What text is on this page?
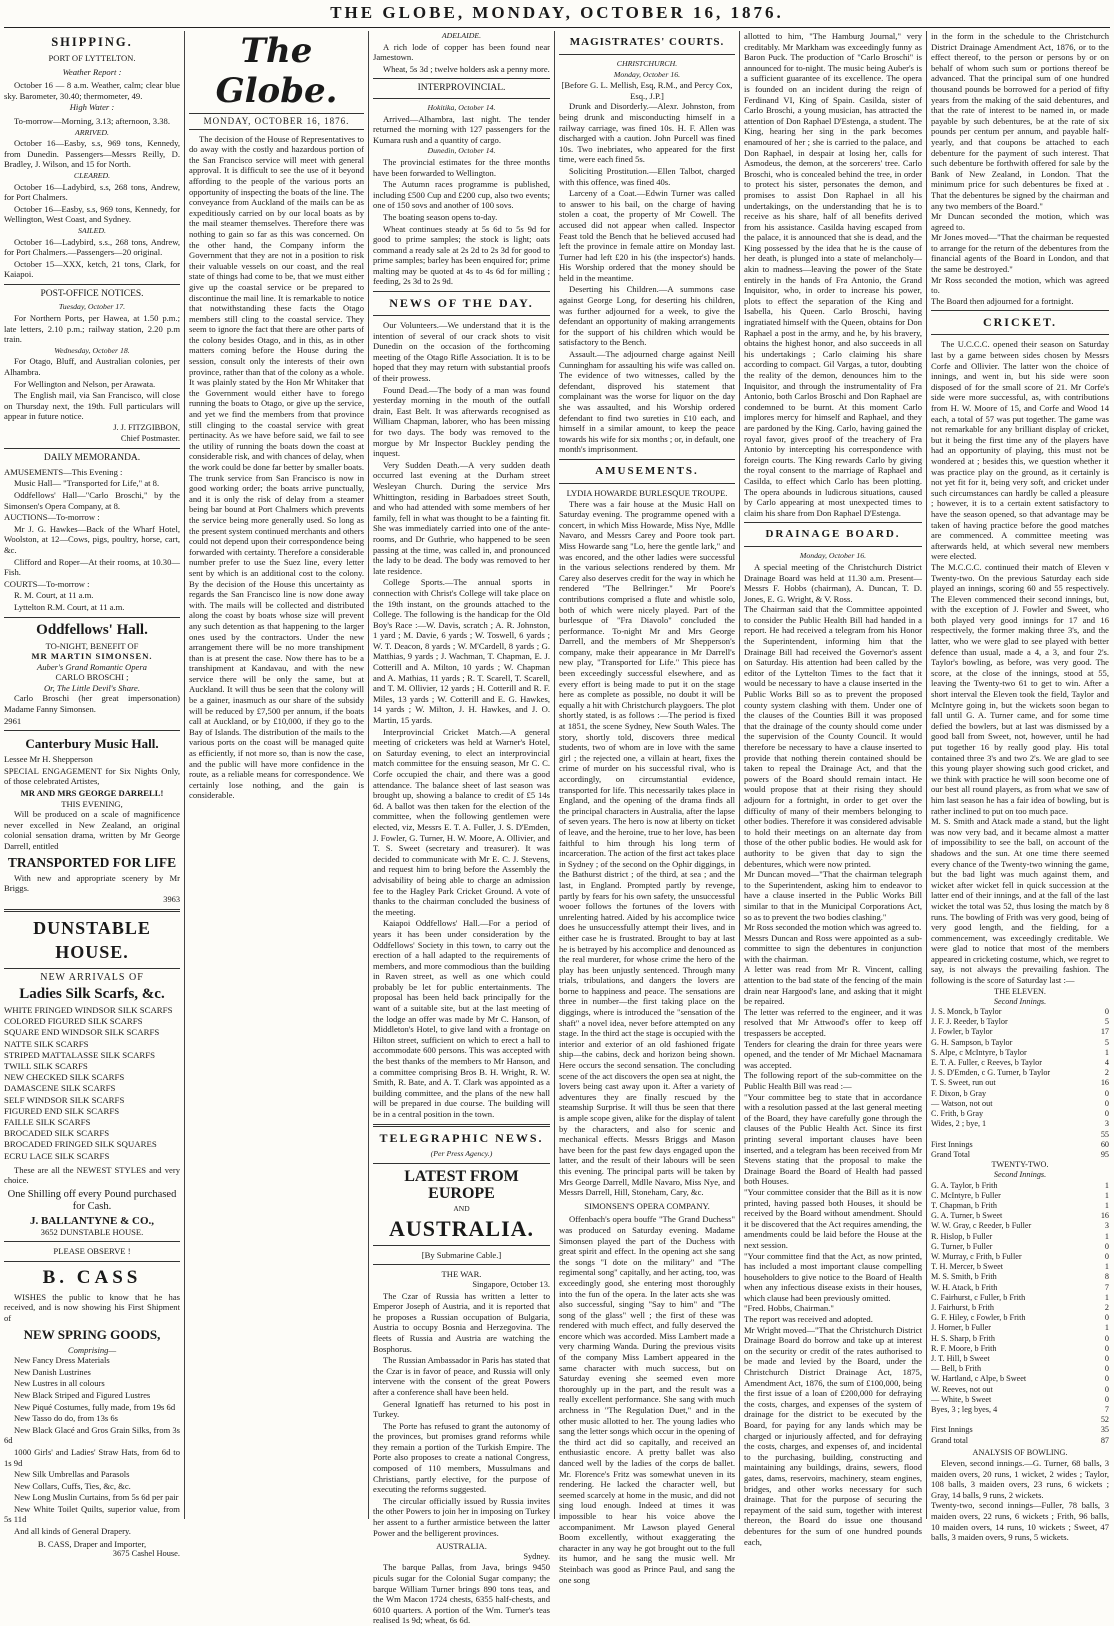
THE GLOBE, MONDAY, OCTOBER 16, 1876.
SHIPPING.
PORT OF LYTTELTON.
Weather Report :
October 16 — 8 a.m. Weather, calm; clear blue sky. Barometer, 30.40; thermometer, 49.
High Water :
To-morrow—Morning, 3.13; afternoon, 3.38.
ARRIVED.
October 16—Easby, s.s, 969 tons, Kennedy, from Dunedin. Passengers—Messrs Reilly, D. Bradley, J. Wilson, and 15 for North.
CLEARED.
October 16—Ladybird, s.s, 268 tons, Andrew, for Port Chalmers.
October 16—Easby, s.s, 969 tons, Kennedy, for Wellington, West Coast, and Sydney.
SAILED.
October 16—Ladybird, s.s., 268 tons, Andrew, for Port Chalmers.—Passengers—20 original.
October 15—XXX, ketch, 21 tons, Clark, for Kaiapoi.
POST-OFFICE NOTICES.
Tuesday, October 17.
For Northern Ports, per Hawea, at 1.50 p.m.; late letters, 2.10 p.m.; railway station, 2.20 p.m train.
Wednesday, October 18.
For Otago, Bluff, and Australian colonies, per Alhambra.
For Wellington and Nelson, per Arawata.
The English mail, via San Francisco, will close on Thursday next, the 19th. Full particulars will appear in future notice.
J. J. FITZGIBBON,
Chief Postmaster.
DAILY MEMORANDA.
AMUSEMENTS—This Evening :
Music Hall— "Transported for Life," at 8.
Oddfellows' Hall—"Carlo Broschi," by the Simonsen's Opera Company, at 8.
AUCTIONS—To-morrow :
Mr J. G. Hawkes—Back of the Wharf Hotel, Woolston, at 12—Cows, pigs, poultry, horse, cart, &c.
Clifford and Roper—At their rooms, at 10.30—Fish.
COURTS—To-morrow :
R. M. Court, at 11 a.m.
Lyttelton R.M. Court, at 11 a.m.
Oddfellows' Hall.
TO-NIGHT, BENEFIT OF
MR MARTIN SIMONSEN.
Auber's Grand Romantic Opera
CARLO BROSCHI ;
Or, The Little Devil's Share.
Carlo Broschi (her great impersonation) Madame Fanny Simonsen.
2961
Canterbury Music Hall.
Lessee Mr H. Shepperson
SPECIAL ENGAGEMENT for Six Nights Only, of those celebrated Artistes,
MR AND MRS GEORGE DARRELL!
THIS EVENING,
Will be produced on a scale of magnificence never excelled in New Zealand, an original colonial sensation drama, written by Mr George Darrell, entitled
TRANSPORTED FOR LIFE
With new and appropriate scenery by Mr Briggs.
3963
DUNSTABLE HOUSE.
NEW ARRIVALS OF
Ladies Silk Scarfs, &c.
WHITE FRINGED WINDSOR SILK SCARFS
COLORED FIGURED SILK SCARFS
SQUARE END WINDSOR SILK SCARFS
NATTE SILK SCARFS
STRIPED MATTALASSE SILK SCARFS
TWILL SILK SCARFS
NEW CHECKED SILK SCARFS
DAMASCENE SILK SCARFS
SELF WINDSOR SILK SCARFS
FIGURED END SILK SCARFS
FAILLE SILK SCARFS
BROCADED SILK SCARFS
BROCADED FRINGED SILK SQUARES
ECRU LACE SILK SCARFS
These are all the NEWEST STYLES and very choice.
One Shilling off every Pound purchased for Cash.
J. BALLANTYNE & CO.,
3652 DUNSTABLE HOUSE.
PLEASE OBSERVE !
B. CASS
WISHES the public to know that he has received, and is now showing his First Shipment of
NEW SPRING GOODS,
Comprising—
New Fancy Dress Materials
New Danish Lustrines
New Lustres in all colours
New Black Striped and Figured Lustres
New Piqué Costumes, fully made, from 19s 6d
New Tasso do do, from 13s 6s
New Black Glacé and Gros Grain Silks, from 3s 6d
1000 Girls' and Ladies' Straw Hats, from 6d to 1s 9d
New Silk Umbrellas and Parasols
New Collars, Cuffs, Ties, &c, &c.
New Long Muslin Curtains, from 5s 6d per pair
New White Toilet Quilts, superior value, from 5s 11d
And all kinds of General Drapery.
B. CASS, Draper and Importer,
3675 Cashel House.
The Globe.
MONDAY, OCTOBER 16, 1876.
The decision of the House of Representatives to do away with the costly and hazardous portion of the San Francisco service will meet with general approval. It is difficult to see the use of it beyond affording to the people of the various ports an opportunity of inspecting the boats of the line. The conveyance from Auckland of the mails can be as expeditiously carried on by our local boats as by the mail steamer themselves. Therefore there was nothing to gain so far as this was concerned. On the other hand, the Company inform the Government that they are not in a position to risk their valuable vessels on our coast, and the real state of things had come to be, that we must either give up the coastal service or be prepared to discontinue the mail line. It is remarkable to notice that notwithstanding these facts the Otago members still cling to the coastal service. They seem to ignore the fact that there are other parts of the colony besides Otago, and in this, as in other matters coming before the House during the session, consult only the interests of their own province, rather than that of the colony as a whole. It was plainly stated by the Hon Mr Whitaker that the Government would either have to forego running the boats to Otago, or give up the service, and yet we find the members from that province still clinging to the coastal service with great pertinacity. As we have before said, we fail to see the utility of running the boats down the coast at considerable risk, and with chances of delay, when the work could be done far better by smaller boats. The trunk service from San Francisco is now in good working order; the boats arrive punctually, and it is only the risk of delay from a steamer being bar bound at Port Chalmers which prevents the service being more generally used. So long as the present system continued merchants and others could not depend upon their correspondence being forwarded with certainty. Therefore a considerable number prefer to use the Suez line, every letter sent by which is an additional cost to the colony. By the decision of the House this uncertainty as regards the San Francisco line is now done away with. The mails will be collected and distributed along the coast by boats whose size will prevent any such detention as that happening to the larger ones used by the contractors. Under the new arrangement there will be no more transhipment than is at present the case. Now there has to be a transhipment at Kandavau, and with the new service there will be only the same, but at Auckland. It will thus be seen that the colony will be a gainer, inasmuch as our share of the subsidy will be reduced by £7,500 per annum, if the boats call at Auckland, or by £10,000, if they go to the Bay of Islands. The distribution of the mails to the various ports on the coast will be managed quite as efficiently, if not more so, than is now the case, and the public will have more confidence in the route, as a reliable means for correspondence. We certainly lose nothing, and the gain is considerable.
ADELAIDE.
A rich lode of copper has been found near Jamestown.
Wheat, 5s 3d ; twelve holders ask a penny more.
INTERPROVINCIAL.
Hokitika, October 14.
Arrived—Alhambra, last night. The tender returned the morning with 127 passengers for the Kumara rush and a quantity of cargo.
Dunedin, October 14.
The provincial estimates for the three months have been forwarded to Wellington.
The Autumn races programme is published, including £500 Cup and £200 cup, also two events; one of 150 sovs and another of 100 sovs.
The boating season opens to-day.
Wheat continues steady at 5s 6d to 5s 9d for good to prime samples; the stock is light; oats command a ready sale at 2s 2d to 2s 3d for good to prime samples; barley has been enquired for; prime malting may be quoted at 4s to 4s 6d for milling ; feeding, 2s 3d to 2s 9d.
NEWS OF THE DAY.
Our Volunteers.—We understand that it is the intention of several of our crack shots to visit Dunedin on the occasion of the forthcoming meeting of the Otago Rifle Association. It is to be hoped that they may return with substantial proofs of their prowess.
Found Dead.—The body of a man was found yesterday morning in the mouth of the outfall drain, East Belt. It was afterwards recognised as William Chapman, laborer, who has been missing for two days. The body was removed to the morgue by Mr Inspector Buckley pending the inquest.
Very Sudden Death.—A very sudden death occurred last evening at the Durham street Wesleyan Church. During the service Mrs Whittington, residing in Barbadoes street South, and who had attended with some members of her family, fell in what was thought to be a fainting fit. She was immediately carried into one of the ante-rooms, and Dr Guthrie, who happened to be seen passing at the time, was called in, and pronounced the lady to be dead. The body was removed to her late residence.
College Sports.—The annual sports in connection with Christ's College will take place on the 19th instant, on the grounds attached to the College. The following is the handicap for the Old Boy's Race :—W. Davis, scratch ; A. R. Johnston, 1 yard ; M. Davie, 6 yards ; W. Toswell, 6 yards ; W. T. Deacon, 8 yards ; W. M'Cardell, 8 yards ; G. Matthias, 9 yards ; J. Wachman, T. Chapman, E. J. Cotterill and A. Milton, 10 yards ; W. Chapman and A. Mathias, 11 yards ; R. T. Scarell, T. Scarell, and T. M. Ollivier, 12 yards ; H. Cotterill and R. F. Miles, 13 yards ; W. Cotterill and E. G. Hawkes, 14 yards ; W. Milton, J. H. Hawkes, and J. O. Martin, 15 yards.
Interprovincial Cricket Match.—A general meeting of cricketers was held at Warner's Hotel, on Saturday evening, to elect an interprovincial match committee for the ensuing season, Mr C. C. Corfe occupied the chair, and there was a good attendance. The balance sheet of last season was brought up, showing a balance to credit of £5 14s 6d. A ballot was then taken for the election of the committee, when the following gentlemen were elected, viz, Messrs E. T. A. Fuller, J. S. D'Emden, J. Fowler, G. Turner, H. W. Moore, A. Ollivier, and T. S. Sweet (secretary and treasurer). It was decided to communicate with Mr E. C. J. Stevens, and request him to bring before the Assembly the advisability of being able to charge an admission fee to the Hagley Park Cricket Ground. A vote of thanks to the chairman concluded the business of the meeting.
Kaiapoi Oddfellows' Hall.—For a period of years it has been under consideration by the Oddfellows' Society in this town, to carry out the erection of a hall adapted to the requirements of members, and more commodious than the building in Raven street, as well as one which could probably be let for public entertainments. The proposal has been held back principally for the want of a suitable site, but at the last meeting of the lodge an offer was made by Mr C. Hanson, of Middleton's Hotel, to give land with a frontage on Hilton street, sufficient on which to erect a hall to accommodate 600 persons. This was accepted with the best thanks of the members to Mr Hanson, and a committee comprising Bros B. H. Wright, R. W. Smith, R. Bate, and A. T. Clark was appointed as a building committee, and the plans of the new hall will be prepared in due course. The building will be in a central position in the town.
TELEGRAPHIC NEWS.
(Per Press Agency.)
LATEST FROM EUROPE
AND
AUSTRALIA.
[By Submarine Cable.]
THE WAR.
Singapore, October 13.
The Czar of Russia has written a letter to Emperor Joseph of Austria, and it is reported that he proposes a Russian occupation of Bulgaria, Austria to occupy Bosnia and Herzegovina. The fleets of Russia and Austria are watching the Bosphorus.
The Russian Ambassador in Paris has stated that the Czar is in favor of peace, and Russia will only intervene with the consent of the great Powers after a conference shall have been held.
General Ignatieff has returned to his post in Turkey.
The Porte has refused to grant the autonomy of the provinces, but promises grand reforms while they remain a portion of the Turkish Empire. The Porte also proposes to create a national Congress, composed of 110 members, Mussulmans and Christians, partly elective, for the purpose of executing the reforms suggested.
The circular officially issued by Russia invites the other Powers to join her in imposing on Turkey her assent to a further armistice between the latter Power and the belligerent provinces.
AUSTRALIA.
Sydney.
The barque Pallas, from Java, brings 9450 piculs sugar for the Colonial Sugar company; the barque William Turner brings 890 tons teas, and the Wm Macon 1724 chests, 6355 half-chests, and 6010 quarters. A portion of the Wm. Turner's teas realised 1s 9d; wheat, 6s 6d.
MAGISTRATES' COURTS.
CHRISTCHURCH.
Monday, October 16.
[Before G. L. Mellish, Esq, R.M., and Percy Cox, Esq., J.P.]
Drunk and Disorderly.—Alexr. Johnston, from being drunk and misconducting himself in a railway carriage, was fined 10s. H. F. Allen was discharged with a caution. John Purcell was fined 10s. Two inebriates, who appeared for the first time, were each fined 5s.
Soliciting Prostitution.—Ellen Talbot, charged with this offence, was fined 40s.
Larceny of a Coat.—Edwin Turner was called to answer to his bail, on the charge of having stolen a coat, the property of Mr Cowell. The accused did not appear when called. Inspector Feast told the Bench that he believed accused had left the province in female attire on Monday last. Turner had left £20 in his (the inspector's) hands. His Worship ordered that the money should be held in the meantime.
Deserting his Children.—A summons case against George Long, for deserting his children, was further adjourned for a week, to give the defendant an opportunity of making arrangements for the support of his children which would be satisfactory to the Bench.
Assault.—The adjourned charge against Neill Cunningham for assaulting his wife was called on. The evidence of two witnesses, called by the defendant, disproved his statement that complainant was the worse for liquor on the day she was assaulted, and his Worship ordered defendant to find two sureties in £10 each, and himself in a similar amount, to keep the peace towards his wife for six months ; or, in default, one month's imprisonment.
AMUSEMENTS.
LYDIA HOWARDE BURLESQUE TROUPE.
There was a fair house at the Music Hall on Saturday evening. The programme opened with a concert, in which Miss Howarde, Miss Nye, Mdlle Navaro, and Messrs Carey and Poore took part. Miss Howarde sang "Lo, here the gentle lark," and was encored, and the other ladies were successful in the various selections rendered by them. Mr Carey also deserves credit for the way in which he rendered "The Bellringer." Mr Poore's contributions comprised a flute and whistle solo, both of which were nicely played. Part of the burlesque of "Fra Diavolo" concluded the performance. To-night Mr and Mrs George Darrell, and the members of Mr Shepperson's company, make their appearance in Mr Darrell's new play, "Transported for Life." This piece has been exceedingly successful elsewhere, and as every effort is being made to put it on the stage here as complete as possible, no doubt it will be equally a hit with Christchurch playgoers. The plot shortly stated, is as follows :—The period is fixed at 1851, the scene Sydney, New South Wales. The story, shortly told, discovers three medical students, two of whom are in love with the same girl ; the rejected one, a villain at heart, fixes the crime of murder on his successful rival, who is accordingly, on circumstantial evidence, transported for life. This necessarily takes place in England, and the opening of the drama finds all the principal characters in Australia, after the lapse of seven years. The hero is now at liberty on ticket of leave, and the heroine, true to her love, has been faithful to him through his long term of incarceration. The action of the first act takes place in Sydney ; of the second on the Ophir diggings, in the Bathurst district ; of the third, at sea ; and the last, in England. Prompted partly by revenge, partly by fears for his own safety, the unsuccessful wooer follows the fortunes of the lovers with unrelenting hatred. Aided by his accomplice twice does he unsuccessfully attempt their lives, and in either case he is frustrated. Brought to bay at last he is betrayed by his accomplice and denounced as the real murderer, for whose crime the hero of the play has been unjustly sentenced. Through many trials, tribulations, and dangers the lovers are borne to happiness and peace. The sensations are three in number—the first taking place on the diggings, where is introduced the "sensation of the shaft" a novel idea, never before attempted on any stage. In the third act the stage is occupied with the interior and exterior of an old fashioned frigate ship—the cabins, deck and horizon being shown. Here occurs the second sensation. The concluding scene of the act discovers the open sea at night, the lovers being cast away upon it. After a variety of adventures they are finally rescued by the steamship Surprise. It will thus be seen that there is ample scope given, alike for the display of talent by the characters, and also for scenic and mechanical effects. Messrs Briggs and Mason have been for the past few days engaged upon the latter, and the result of their labours will be seen this evening. The principal parts will be taken by Mrs George Darrell, Mdlle Navaro, Miss Nye, and Messrs Darrell, Hill, Stoneham, Cary, &c.
SIMONSEN'S OPERA COMPANY.
Offenbach's opera bouffe "The Grand Duchess" was produced on Saturday evening. Madame Simonsen played the part of the Duchess with great spirit and effect. In the opening act she sang the songs "I dote on the military" and "The regimental song" capitally, and her acting, too, was exceedingly good, she entering most thoroughly into the fun of the opera. In the later acts she was also successful, singing "Say to him" and "The song of the glass" well ; the first of these was rendered with much effect, and fully deserved the encore which was accorded. Miss Lambert made a very charming Wanda. During the previous visits of the company Miss Lambert appeared in the same character with much success, but on Saturday evening she seemed even more thoroughly up in the part, and the result was a really excellent performance. She sang with much archness in "The Regulation Duet," and in the other music allotted to her. The young ladies who sang the letter songs which occur in the opening of the third act did so capitally, and received an enthusiastic encore. A pretty ballet was also danced well by the ladies of the corps de ballet. Mr. Florence's Fritz was somewhat uneven in its rendering. He lacked the character well, but seemed scarcely at home in the music, and did not sing loud enough. Indeed at times it was impossible to hear his voice above the accompaniment. Mr Lawson played General Boom excellently, without exaggerating the character in any way he got brought out to the full its humor, and he sang the music well. Mr Steinbach was good as Prince Paul, and sang the one song
allotted to him, "The Hamburg Journal," very creditably. Mr Markham was exceedingly funny as Baron Puck. The production of "Carlo Broschi" is announced for to-night. The music being Auber's is a sufficient guarantee of its excellence. The opera is founded on an incident during the reign of Ferdinand VI, King of Spain. Casilda, sister of Carlo Broschi, a young musician, has attracted the attention of Don Raphael D'Estenga, a student. The King, hearing her sing in the park becomes enamoured of her ; she is carried to the palace, and Don Raphael, in despair at losing her, calls for Asmodeus, the demon, at the sorcerers' tree. Carlo Broschi, who is concealed behind the tree, in order to protect his sister, personates the demon, and promises to assist Don Raphael in all his undertakings, on the understanding that he is to receive as his share, half of all benefits derived from his assistance. Casilda having escaped from the palace, it is announced that she is dead, and the King possessed by the idea that he is the cause of her death, is plunged into a state of melancholy—akin to madness—leaving the power of the State entirely in the hands of Fra Antonio, the Grand Inquisitor, who, in order to increase his power, plots to effect the separation of the King and Isabella, his Queen. Carlo Broschi, having ingratiated himself with the Queen, obtains for Don Raphael a post in the army, and he, by his bravery, obtains the highest honor, and also succeeds in all his undertakings ; Carlo claiming his share according to compact. Gil Vargas, a tutor, doubting the reality of the demon, denounces him to the Inquisitor, and through the instrumentality of Fra Antonio, both Carlos Broschi and Don Raphael are condemned to be burnt. At this moment Carlo implores mercy for himself and Raphael, and they are pardoned by the King. Carlo, having gained the royal favor, gives proof of the treachery of Fra Antonio by intercepting his correspondence with foreign courts. The King rewards Carlo by giving the royal consent to the marriage of Raphael and Casilda, to effect which Carlo has been plotting. The opera abounds in ludicrous situations, caused by Carlo appearing at most unexpected times to claim his share from Don Raphael D'Estenga.
DRAINAGE BOARD.
Monday, October 16.
A special meeting of the Christchurch District Drainage Board was held at 11.30 a.m. Present—Messrs F. Hobbs (chairman), A. Duncan, T. D. Jones, E. G. Wright, & V. Ross.
The Chairman said that the Committee appointed to consider the Public Health Bill had handed in a report. He had received a telegram from his Honor the Superintendent, informing him that the Drainage Bill had received the Governor's assent on Saturday. His attention had been called by the editor of the Lyttelton Times to the fact that it would be necessary to have a clause inserted in the Public Works Bill so as to prevent the proposed county system clashing with them. Under one of the clauses of the Counties Bill it was proposed that the drainage of the county should come under the supervision of the County Council. It would therefore be necessary to have a clause inserted to provide that nothing therein contained should be taken to repeal the Drainage Act, and that the powers of the Board should remain intact. He would propose that at their rising they should adjourn for a fortnight, in order to get over the difficulty of many of their members belonging to other bodies. Therefore it was considered advisable to hold their meetings on an alternate day from those of the other public bodies. He would ask for authority to be given that day to sign the debentures, which were now printed.
Mr Duncan moved—"That the chairman telegraph to the Superintendent, asking him to endeavor to have a clause inserted in the Public Works Bill similar to that in the Municipal Corporations Act, so as to prevent the two bodies clashing."
Mr Ross seconded the motion which was agreed to.
Messrs Duncan and Ross were appointed as a sub-committee to sign the debentures in conjunction with the chairman.
A letter was read from Mr R. Vincent, calling attention to the bad state of the fencing of the main drain near Hargood's lane, and asking that it might be repaired.
The letter was referred to the engineer, and it was resolved that Mr Attwood's offer to keep off trespassers be accepted.
Tenders for clearing the drain for three years were opened, and the tender of Mr Michael Macnamara was accepted.
The following report of the sub-committee on the Public Health Bill was read :—
"Your committee beg to state that in accordance with a resolution passed at the last general meeting of the Board, they have carefully gone through the clauses of the Public Health Act. Since its first printing several important clauses have been inserted, and a telegram has been received from Mr Stevens stating that the proposal to make the Drainage Board the Board of Health had passed both Houses.
"Your committee consider that the Bill as it is now printed, having passed both Houses, it should be received by the Board without amendment. Should it be discovered that the Act requires amending, the amendments could be laid before the House at the next session.
"Your committee find that the Act, as now printed, has included a most important clause compelling householders to give notice to the Board of Health when any infectious disease exists in their houses, which clause had been previously omitted.
"Fred. Hobbs, Chairman."
The report was received and adopted.
Mr Wright moved—"That the Christchurch District Drainage Board do borrow and take up at interest on the security or credit of the rates authorised to be made and levied by the Board, under the Christchurch District Drainage Act, 1875, Amendment Act, 1876, the sum of £100,000, being the first issue of a loan of £200,000 for defraying the costs, charges, and expenses of the system of drainage for the district to be executed by the Board, for paying for any lands which may be charged or injuriously affected, and for defraying the costs, charges, and expenses of, and incidental to the purchasing, building, constructing and maintaining any buildings, drains, sewers, flood gates, dams, reservoirs, machinery, steam engines, bridges, and other works necessary for such drainage. That for the purpose of securing the repayment of the said sum, together with interest thereon, the Board do issue one thousand debentures for the sum of one hundred pounds each,
in the form in the schedule to the Christchurch District Drainage Amendment Act, 1876, or to the effect thereof, to the person or persons by or on behalf of whom such sum or portions thereof be advanced. That the principal sum of one hundred thousand pounds be borrowed for a period of fifty years from the making of the said debentures, and that the rate of interest to be named in, or made payable by such debentures, be at the rate of six pounds per centum per annum, and payable half-yearly, and that coupons be attached to each debenture for the payment of such interest. That such debenture be forthwith offered for sale by the Bank of New Zealand, in London. That the minimum price for such debentures be fixed at . That the debentures be signed by the chairman and any two members of the Board."
Mr Duncan seconded the motion, which was agreed to.
Mr Jones moved—"That the chairman be requested to arrange for the return of the debentures from the financial agents of the Board in London, and that the same be destroyed."
Mr Ross seconded the motion, which was agreed to.
The Board then adjourned for a fortnight.
CRICKET.
The U.C.C.C. opened their season on Saturday last by a game between sides chosen by Messrs Corfe and Ollivier. The latter won the choice of innings, and went in, but his side were soon disposed of for the small score of 21. Mr Corfe's side were more successful, as, with contributions from H. W. Moore of 15, and Corfe and Wood 14 each, a total of 57 was put together. The game was not remarkable for any brilliant display of cricket, but it being the first time any of the players have had an opportunity of playing, this must not be wondered at ; besides this, we question whether it was practice play on the ground, as it certainly is not yet fit for it, being very soft, and cricket under such circumstances can hardly be called a pleasure ; however, it is to a certain extent satisfactory to have the season opened, so that advantage may be taken of having practice before the good matches are commenced. A committee meeting was afterwards held, at which several new members were elected.
The M.C.C.C. continued their match of Eleven v Twenty-two. On the previous Saturday each side played an innings, scoring 60 and 55 respectively. The Eleven commenced their second innings, but, with the exception of J. Fowler and Sweet, who both played very good innings for 17 and 16 respectively, the former making three 3's, and the latter, who we were glad to see played with better defence than usual, made a 4, a 3, and four 2's. Taylor's bowling, as before, was very good. The score, at the close of the innings, stood at 55, leaving the Twenty-two 61 to get to win. After a short interval the Eleven took the field, Taylor and McIntyre going in, but the wickets soon began to fall until G. A. Turner came, and for some time defied the bowlers, but at last was dismissed by a good ball from Sweet, not, however, until he had put together 16 by really good play. His total contained three 3's and two 2's. We are glad to see this young player showing such good cricket, and we think with practice he will soon become one of our best all round players, as from what we saw of him last season he has a fair idea of bowling, but is rather inclined to put on too much pace.
M. S. Smith and Atack made a stand, but the light was now very bad, and it became almost a matter of impossibility to see the ball, on account of the shadows and the sun. At one time there seemed every chance of the Twenty-two winning the game, but the bad light was much against them, and wicket after wicket fell in quick succession at the latter end of their innings, and at the fall of the last wicket the total was 52, thus losing the match by 8 runs. The bowling of Frith was very good, being of very good length, and the fielding, for a commencement, was exceedingly creditable. We were glad to notice that most of the members appeared in cricketing costume, which, we regret to say, is not always the prevailing fashion. The following is the score of Saturday last :—
THE ELEVEN.
Second Innings.
J. S. Monck, b Taylor	0
J. F. J. Reeder, b Taylor	5
J. Fowler, b Taylor	17
G. H. Sampson, b Taylor	5
S. Alpe, c McIntyre, b Taylor	1
E. T. A. Fuller, c Reeves, b Taylor	4
J. S. D'Emden, c G. Turner, b Taylor	2
T. S. Sweet, run out	16
F. Dixon, b Gray	0
— Watson, not out	0
C. Frith, b Gray	0
Wides, 2 ; bye, 1	3
55
First Innings	60
Grand Total	95
TWENTY-TWO.
Second Innings.
G. A. Taylor, b Frith	1
C. McIntyre, b Fuller	1
T. Chapman, b Frith	1
G. A. Turner, b Sweet	16
W. W. Gray, c Reeder, b Fuller	3
R. Hislop, b Fuller	1
G. Turner, b Fuller	0
W. Murray, c Frith, b Fuller	0
T. H. Mercer, b Sweet	1
M. S. Smith, b Frith	8
W. H. Atack, b Frith	7
C. Fairhurst, c Fuller, b Frith	1
J. Fairhurst, b Frith	2
G. F. Hiley, c Fowler, b Frith	0
J. Horner, b Fuller	1
H. S. Sharp, b Frith	0
R. F. Moore, b Frith	0
J. T. Hill, b Sweet	0
— Bell, b Frith	0
W. Hartland, c Alpe, b Sweet	0
W. Reeves, not out	0
— White, b Sweet	0
Byes, 3 ; leg byes, 4	7
52
First Innings	35
Grand total	87
ANALYSIS OF BOWLING.
Eleven, second innings.—G. Turner, 68 balls, 3 maiden overs, 20 runs, 1 wicket, 2 wides ; Taylor, 108 balls, 3 maiden overs, 23 runs, 6 wickets ; Gray, 14 balls, 9 runs, 2 wickets.
Twenty-two, second innings—Fuller, 78 balls, 3 maiden overs, 22 runs, 6 wickets ; Frith, 96 balls, 10 maiden overs, 14 runs, 10 wickets ; Sweet, 47 balls, 3 maiden overs, 9 runs, 5 wickets.
